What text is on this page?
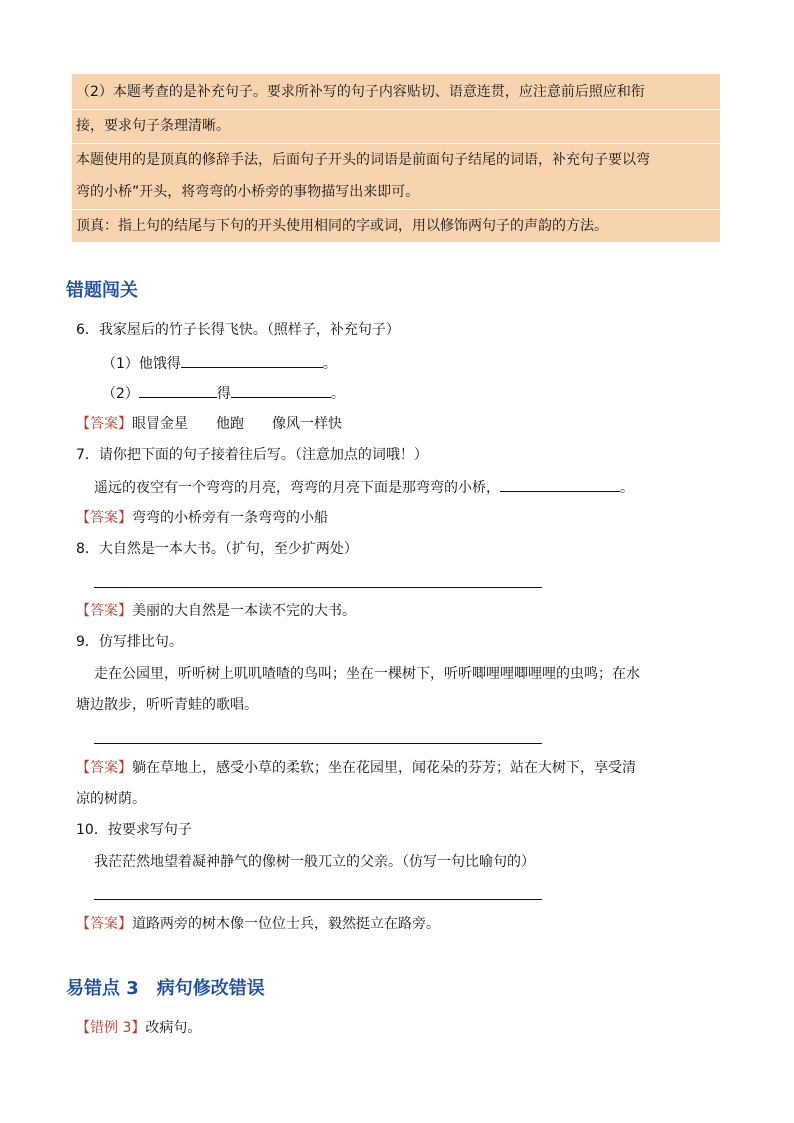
（2）本题考查的是补充句子。要求所补写的句子内容贴切、语意连贯，应注意前后照应和衔
接，要求句子条理清晰。
本题使用的是顶真的修辞手法，后面句子开头的词语是前面句子结尾的词语，补充句子要以弯
弯的小桥”开头，将弯弯的小桥旁的事物描写出来即可。
顶真：指上句的结尾与下句的开头使用相同的字或词，用以修饰两句子的声韵的方法。
错题闯关
6．我家屋后的竹子长得飞快。（照样子，补充句子）
（1）他饿得	。
（2）	得	。
【答案】眼冒金星 他跑 像风一样快
7．请你把下面的句子接着往后写。（注意加点的词哦！）
遥远的夜空有一个弯弯的月亮，弯弯的月亮下面是那弯弯的小桥，	。
【答案】弯弯的小桥旁有一条弯弯的小船
8．大自然是一本大书。（扩句，至少扩两处）
【答案】美丽的大自然是一本读不完的大书。
9．仿写排比句。
走在公园里，听听树上叽叽喳喳的鸟叫；坐在一棵树下，听听唧哩哩唧哩哩的虫鸣；在水
塘边散步，听听青蛙的歌唱。
【答案】躺在草地上，感受小草的柔软；坐在花园里，闻花朵的芬芳；站在大树下，享受清
凉的树荫。
10．按要求写句子
我茫茫然地望着凝神静气的像树一般兀立的父亲。（仿写一句比喻句的）
【答案】道路两旁的树木像一位位士兵，毅然挺立在路旁。
易错点 3　病句修改错误
【错例 3】改病句。
